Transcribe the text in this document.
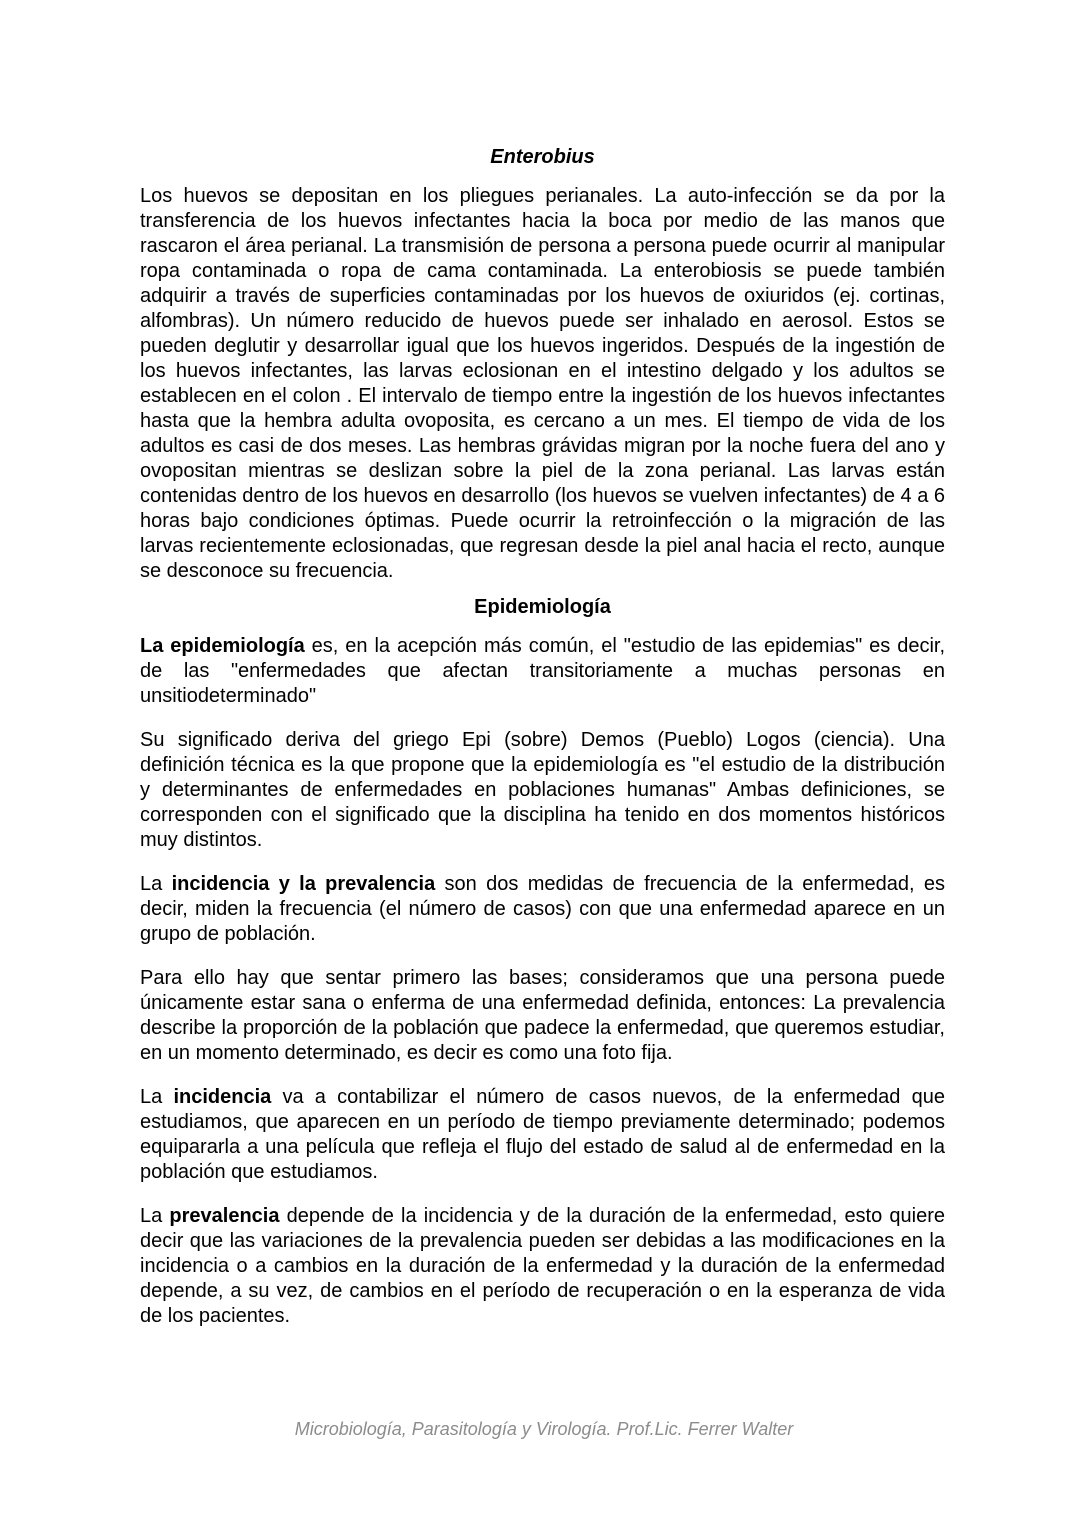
Enterobius

Los huevos se depositan en los pliegues perianales. La auto-infección se da por la transferencia de los huevos infectantes hacia la boca por medio de las manos que rascaron el área perianal. La transmisión de persona a persona puede ocurrir al manipular ropa contaminada o ropa de cama contaminada. La enterobiosis se puede también adquirir a través de superficies contaminadas por los huevos de oxiuridos (ej. cortinas, alfombras). Un número reducido de huevos puede ser inhalado en aerosol. Estos se pueden deglutir y desarrollar igual que los huevos ingeridos. Después de la ingestión de los huevos infectantes, las larvas eclosionan en el intestino delgado y los adultos se establecen en el colon . El intervalo de tiempo entre la ingestión de los huevos infectantes hasta que la hembra adulta ovoposita, es cercano a un mes. El tiempo de vida de los adultos es casi de dos meses. Las hembras grávidas migran por la noche fuera del ano y ovopositan mientras se deslizan sobre la piel de la zona perianal. Las larvas están contenidas dentro de los huevos en desarrollo (los huevos se vuelven infectantes) de 4 a 6 horas bajo condiciones óptimas. Puede ocurrir la retroinfección o la migración de las larvas recientemente eclosionadas, que regresan desde la piel anal hacia el recto, aunque se desconoce su frecuencia.

Epidemiología

La epidemiología es, en la acepción más común, el "estudio de las epidemias" es decir, de las "enfermedades que afectan transitoriamente a muchas personas en unsitiodeterminado"

Su significado deriva del griego Epi (sobre) Demos (Pueblo) Logos (ciencia). Una definición técnica es la que propone que la epidemiología es "el estudio de la distribución y determinantes de enfermedades en poblaciones humanas" Ambas definiciones, se corresponden con el significado que la disciplina ha tenido en dos momentos históricos muy distintos.

La incidencia y la prevalencia son dos medidas de frecuencia de la enfermedad, es decir, miden la frecuencia (el número de casos) con que una enfermedad aparece en un grupo de población.

Para ello hay que sentar primero las bases; consideramos que una persona puede únicamente estar sana o enferma de una enfermedad definida, entonces: La prevalencia describe la proporción de la población que padece la enfermedad, que queremos estudiar, en un momento determinado, es decir es como una foto fija.

La incidencia va a contabilizar el número de casos nuevos, de la enfermedad que estudiamos, que aparecen en un período de tiempo previamente determinado; podemos equipararla a una película que refleja el flujo del estado de salud al de enfermedad en la población que estudiamos.

La prevalencia depende de la incidencia y de la duración de la enfermedad, esto quiere decir que las variaciones de la prevalencia pueden ser debidas a las modificaciones en la incidencia o a cambios en la duración de la enfermedad y la duración de la enfermedad depende, a su vez, de cambios en el período de recuperación o en la esperanza de vida de los pacientes.

Microbiología, Parasitología y Virología. Prof.Lic. Ferrer Walter
